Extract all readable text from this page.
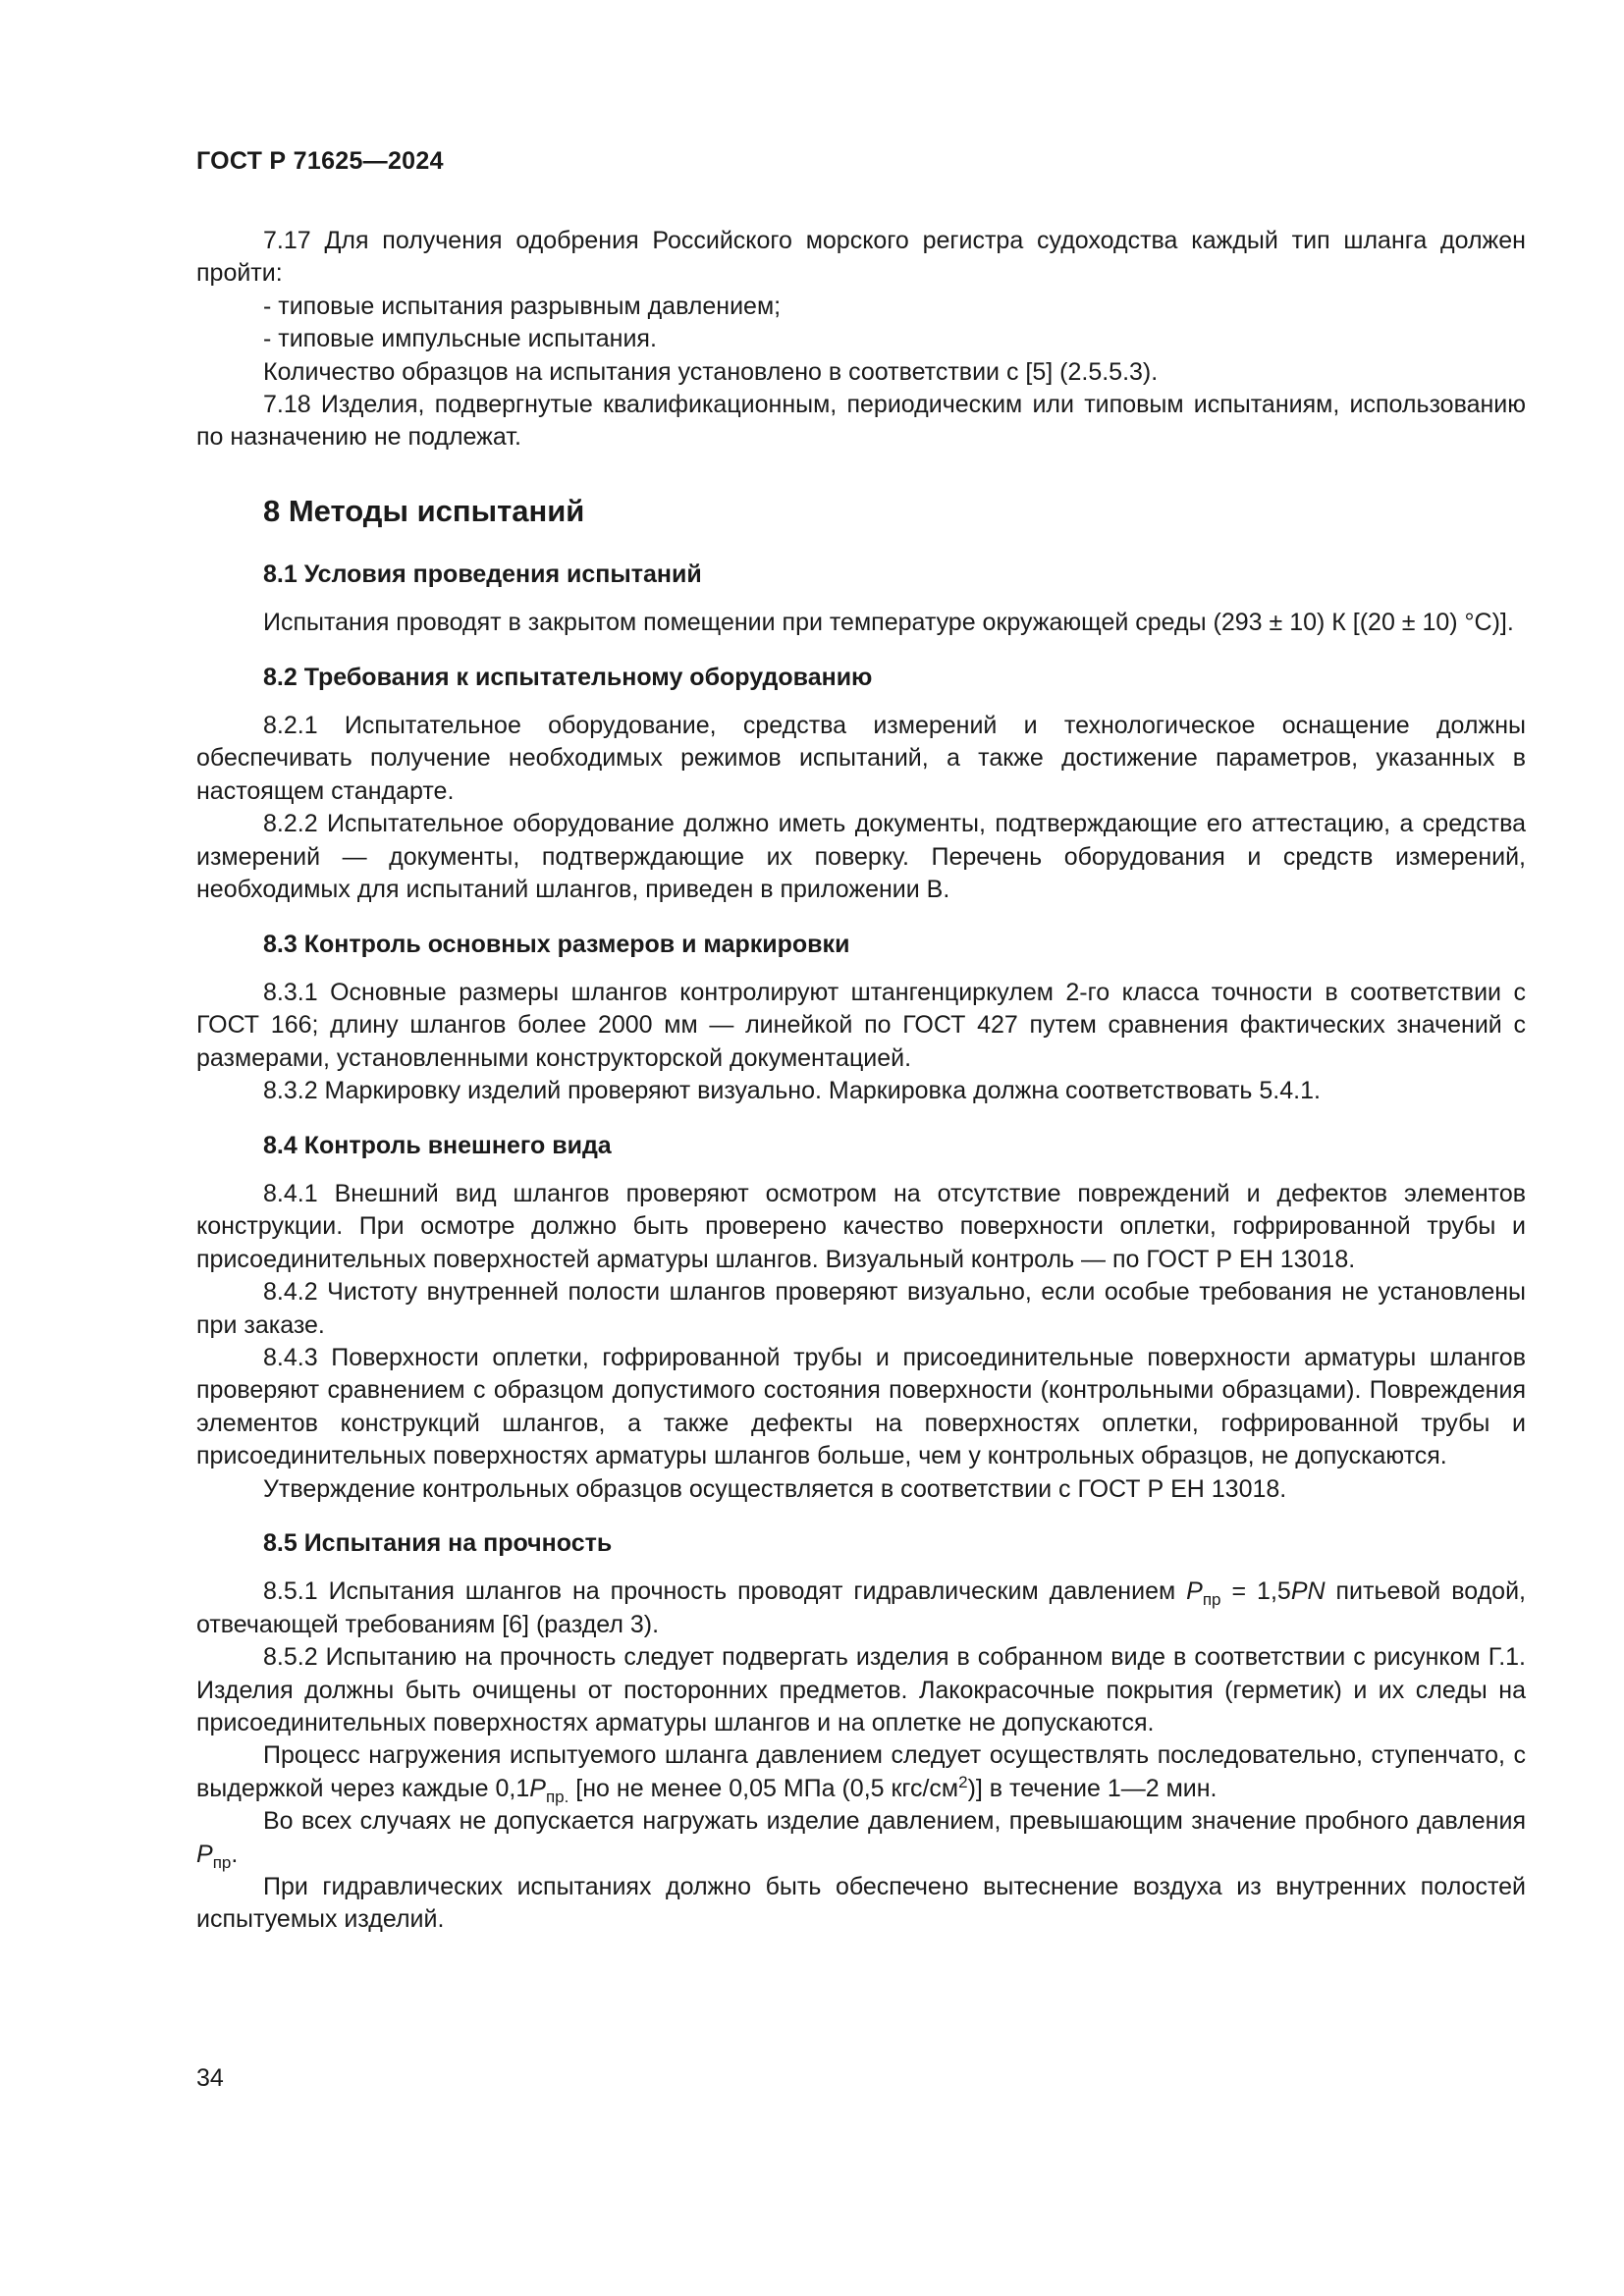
ГОСТ Р 71625—2024

7.17 Для получения одобрения Российского морского регистра судоходства каждый тип шланга должен пройти:

- типовые испытания разрывным давлением;

- типовые импульсные испытания.

Количество образцов на испытания установлено в соответствии с [5] (2.5.5.3).

7.18 Изделия, подвергнутые квалификационным, периодическим или типовым испытаниям, использованию по назначению не подлежат.

8 Методы испытаний
8.1 Условия проведения испытаний

Испытания проводят в закрытом помещении при температуре окружающей среды (293 ± 10) К [(20 ± 10) °С)].

8.2 Требования к испытательному оборудованию

8.2.1 Испытательное оборудование, средства измерений и технологическое оснащение должны обеспечивать получение необходимых режимов испытаний, а также достижение параметров, указанных в настоящем стандарте.

8.2.2 Испытательное оборудование должно иметь документы, подтверждающие его аттестацию, а средства измерений — документы, подтверждающие их поверку. Перечень оборудования и средств измерений, необходимых для испытаний шлангов, приведен в приложении В.

8.3 Контроль основных размеров и маркировки

8.3.1 Основные размеры шлангов контролируют штангенциркулем 2-го класса точности в соответствии с ГОСТ 166; длину шлангов более 2000 мм — линейкой по ГОСТ 427 путем сравнения фактических значений с размерами, установленными конструкторской документацией.

8.3.2 Маркировку изделий проверяют визуально. Маркировка должна соответствовать 5.4.1.

8.4 Контроль внешнего вида

8.4.1 Внешний вид шлангов проверяют осмотром на отсутствие повреждений и дефектов элементов конструкции. При осмотре должно быть проверено качество поверхности оплетки, гофрированной трубы и присоединительных поверхностей арматуры шлангов. Визуальный контроль — по ГОСТ Р ЕН 13018.

8.4.2 Чистоту внутренней полости шлангов проверяют визуально, если особые требования не установлены при заказе.

8.4.3 Поверхности оплетки, гофрированной трубы и присоединительные поверхности арматуры шлангов проверяют сравнением с образцом допустимого состояния поверхности (контрольными образцами). Повреждения элементов конструкций шлангов, а также дефекты на поверхностях оплетки, гофрированной трубы и присоединительных поверхностях арматуры шлангов больше, чем у контрольных образцов, не допускаются.

Утверждение контрольных образцов осуществляется в соответствии с ГОСТ Р ЕН 13018.

8.5 Испытания на прочность

8.5.1 Испытания шлангов на прочность проводят гидравлическим давлением $P_{пр} = 1,5PN$ питьевой водой, отвечающей требованиям [6] (раздел 3).

8.5.2 Испытанию на прочность следует подвергать изделия в собранном виде в соответствии с рисунком Г.1. Изделия должны быть очищены от посторонних предметов. Лакокрасочные покрытия (герметик) и их следы на присоединительных поверхностях арматуры шлангов и на оплетке не допускаются.

Процесс нагружения испытуемого шланга давлением следует осуществлять последовательно, ступенчато, с выдержкой через каждые $0,1P_{пр.}$ [но не менее 0,05 МПа (0,5 кгс/$см^2$)] в течение 1—2 мин.

Во всех случаях не допускается нагружать изделие давлением, превышающим значение пробного давления $P_{пр}$.

При гидравлических испытаниях должно быть обеспечено вытеснение воздуха из внутренних полостей испытуемых изделий.

34
